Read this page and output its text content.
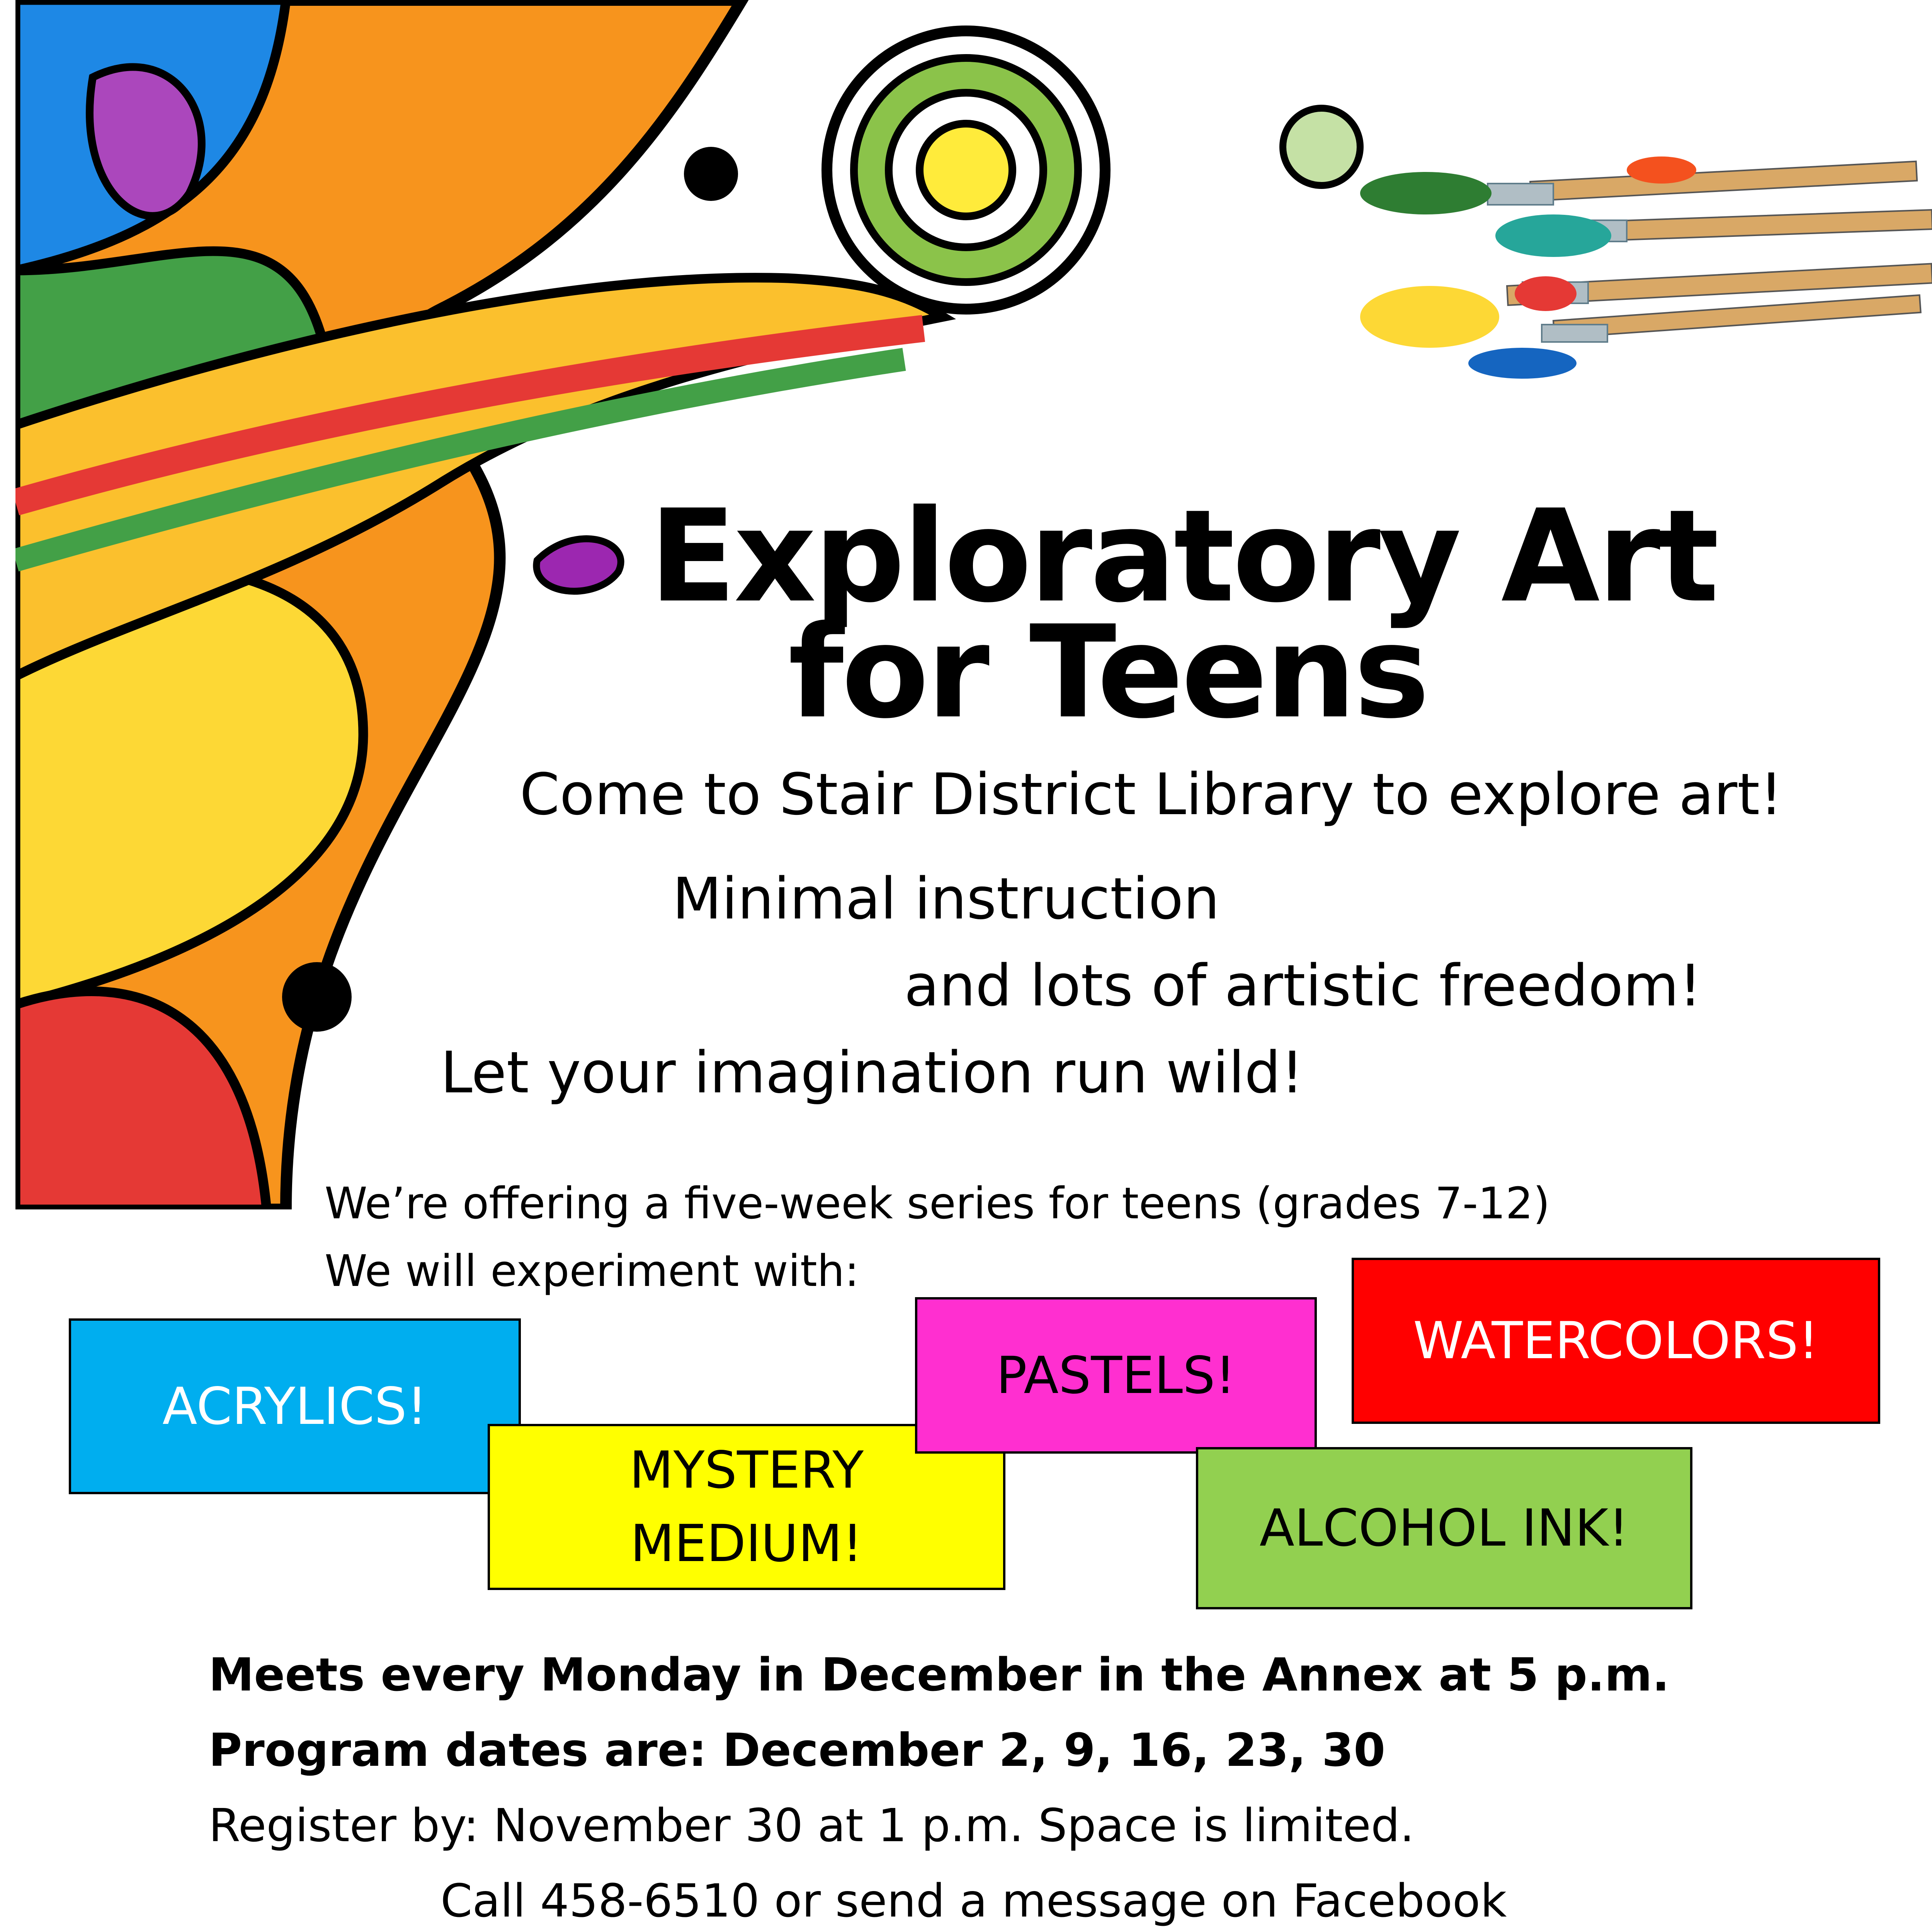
Exploratory Art
for Teens
Come to Stair District Library to explore art!
Minimal instruction
and lots of artistic freedom!
Let your imagination run wild!
We’re offering a five-week series for teens (grades 7-12)
We will experiment with:
ACRYLICS!
MYSTERY
MEDIUM!
PASTELS!
WATERCOLORS!
ALCOHOL INK!
Meets every Monday in December in the Annex at 5 p.m.
Program dates are: December 2, 9, 16, 23, 30
Register by: November 30 at 1 p.m. Space is limited.
Call 458-6510 or send a message on Facebook
